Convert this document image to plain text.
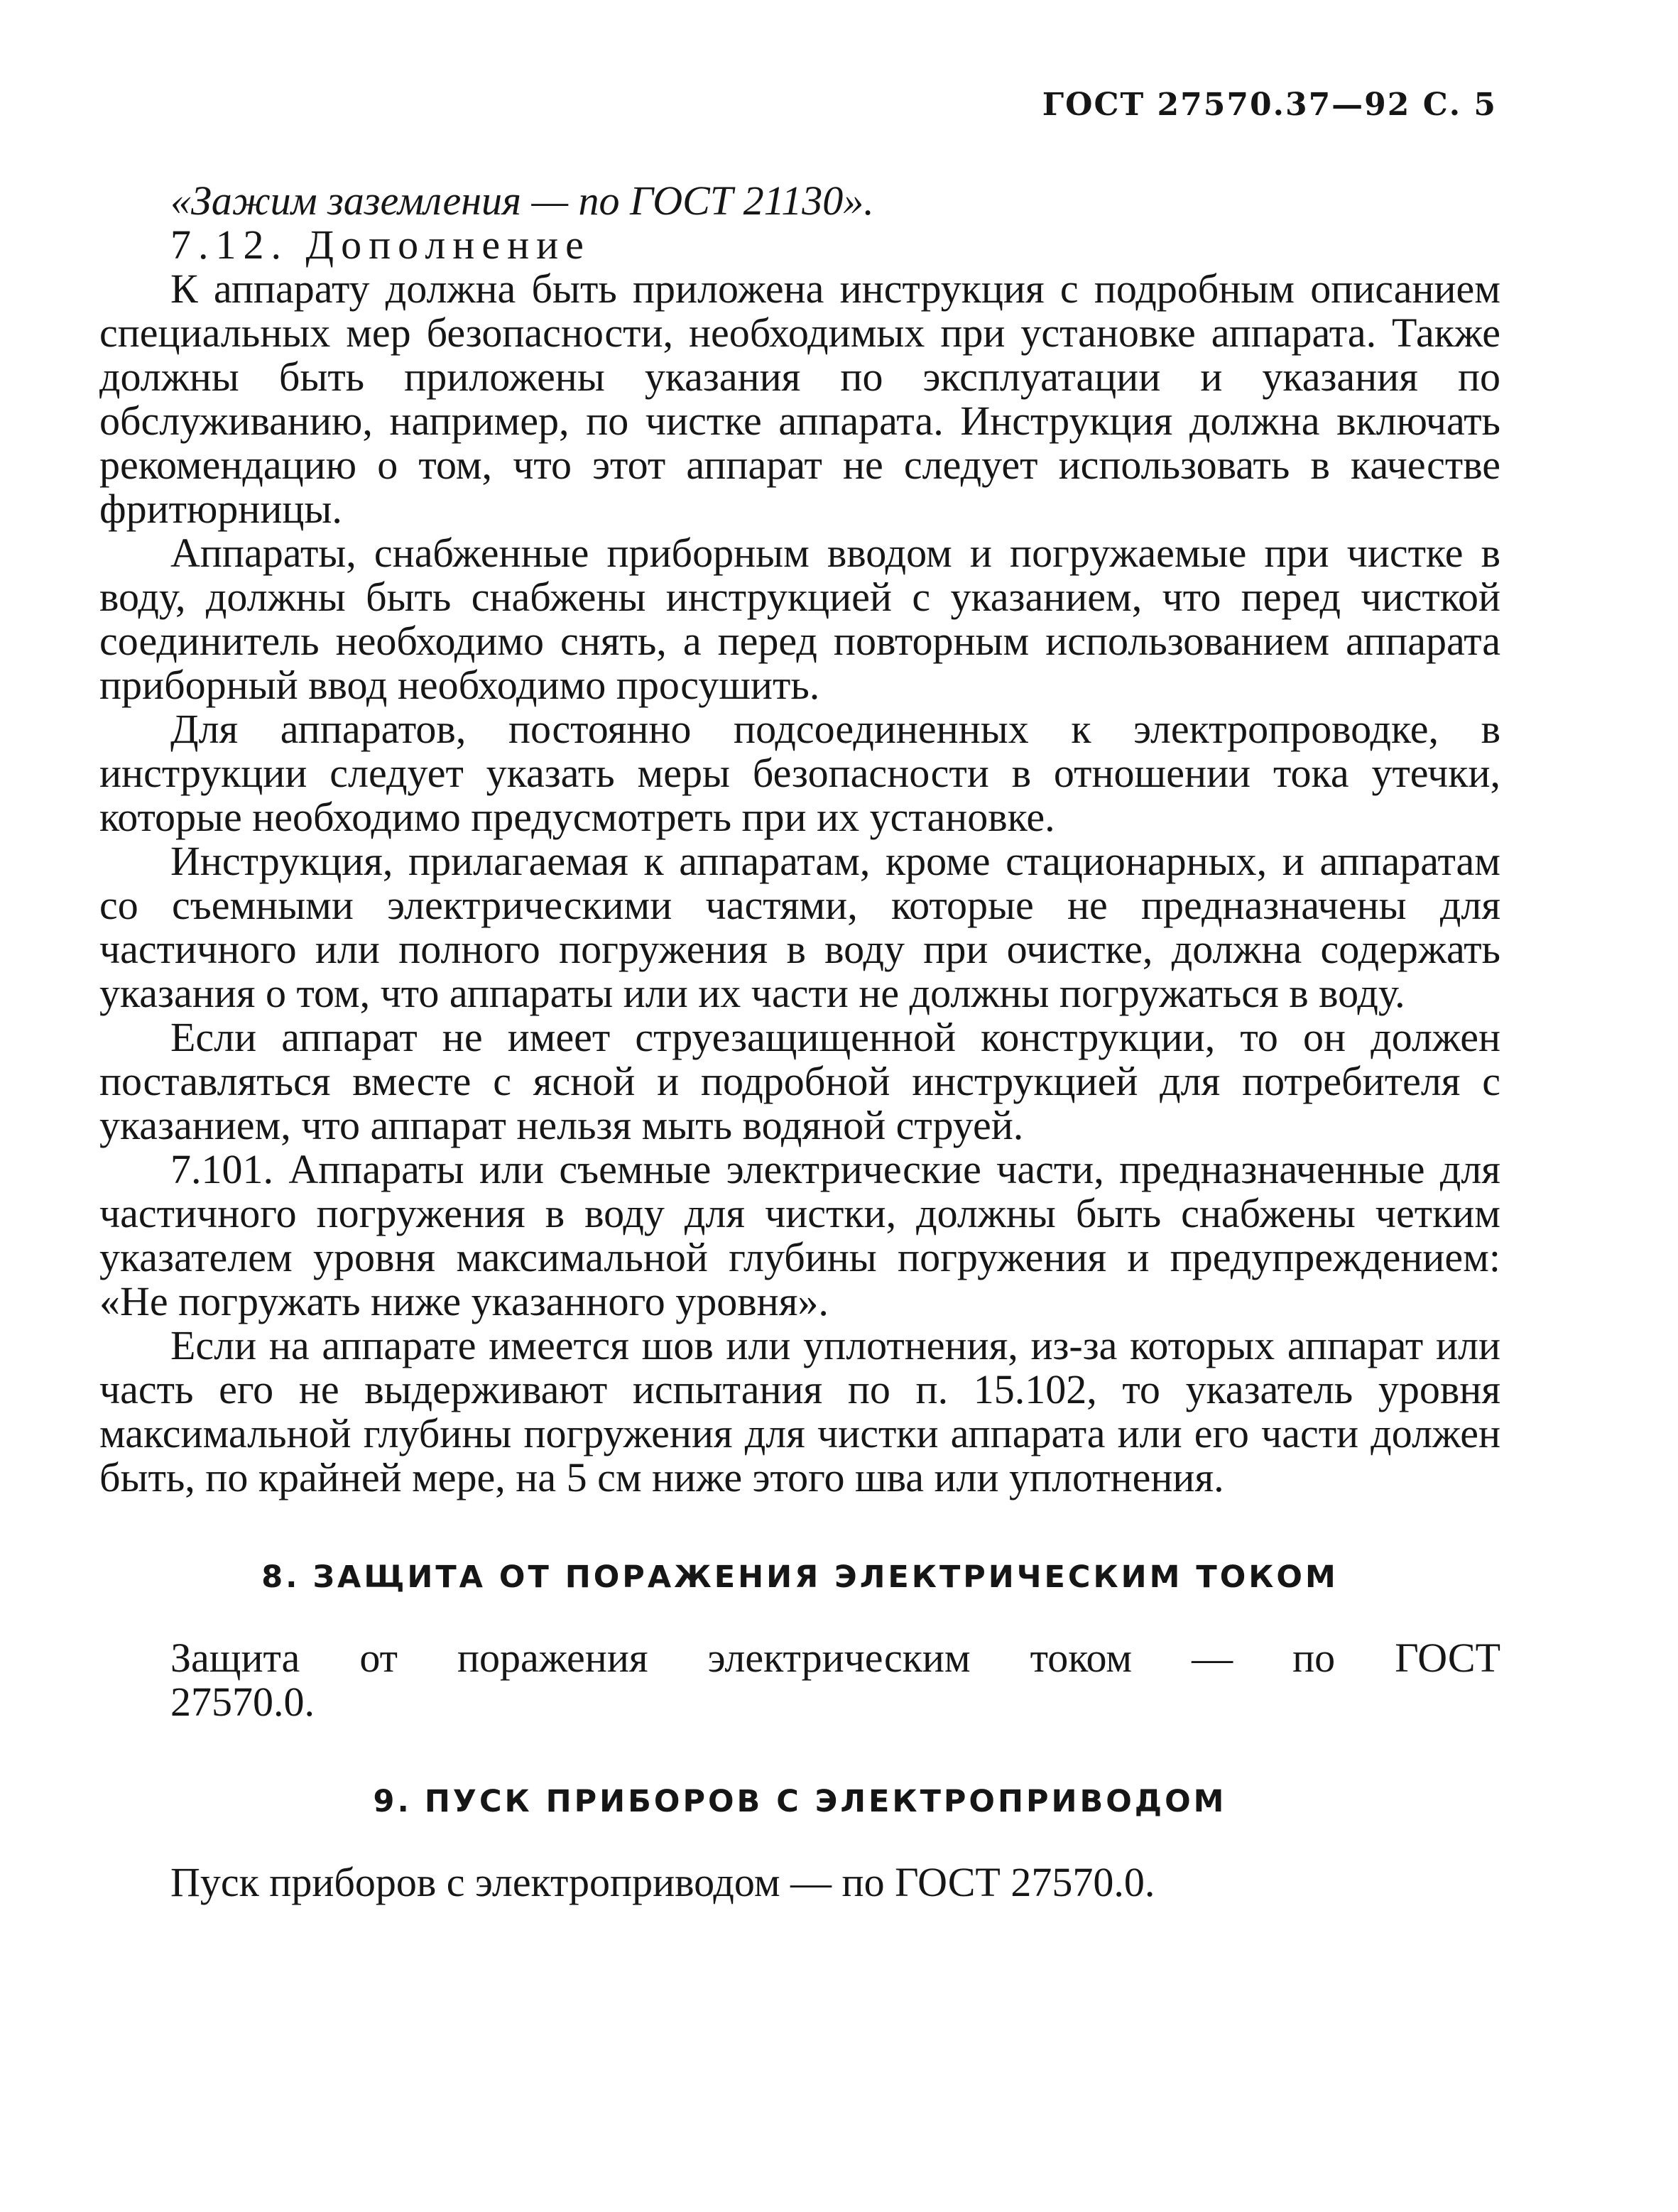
ГОСТ 27570.37—92 С. 5

«Зажим заземления — по ГОСТ 21130».

7.12. Дополнение

К аппарату должна быть приложена инструкция с подробным описанием специальных мер безопасности, необходимых при установке аппарата. Также должны быть приложены указания по эксплуатации и указания по обслуживанию, например, по чистке аппарата. Инструкция должна включать рекомендацию о том, что этот аппарат не следует использовать в качестве фритюрницы.

Аппараты, снабженные приборным вводом и погружаемые при чистке в воду, должны быть снабжены инструкцией с указанием, что перед чисткой соединитель необходимо снять, а перед повторным использованием аппарата приборный ввод необходимо просушить.

Для аппаратов, постоянно подсоединенных к электропроводке, в инструкции следует указать меры безопасности в отношении тока утечки, которые необходимо предусмотреть при их установке.

Инструкция, прилагаемая к аппаратам, кроме стационарных, и аппаратам со съемными электрическими частями, которые не предназначены для частичного или полного погружения в воду при очистке, должна содержать указания о том, что аппараты или их части не должны погружаться в воду.

Если аппарат не имеет струезащищенной конструкции, то он должен поставляться вместе с ясной и подробной инструкцией для потребителя с указанием, что аппарат нельзя мыть водяной струей.

7.101. Аппараты или съемные электрические части, предназначенные для частичного погружения в воду для чистки, должны быть снабжены четким указателем уровня максимальной глубины погружения и предупреждением: «Не погружать ниже указанного уровня».

Если на аппарате имеется шов или уплотнения, из-за которых аппарат или часть его не выдерживают испытания по п. 15.102, то указатель уровня максимальной глубины погружения для чистки аппарата или его части должен быть, по крайней мере, на 5 см ниже этого шва или уплотнения.

8. ЗАЩИТА ОТ ПОРАЖЕНИЯ ЭЛЕКТРИЧЕСКИМ ТОКОМ

Защита от поражения электрическим током — по ГОСТ

27570.0.

9. ПУСК ПРИБОРОВ С ЭЛЕКТРОПРИВОДОМ

Пуск приборов с электроприводом — по ГОСТ 27570.0.
